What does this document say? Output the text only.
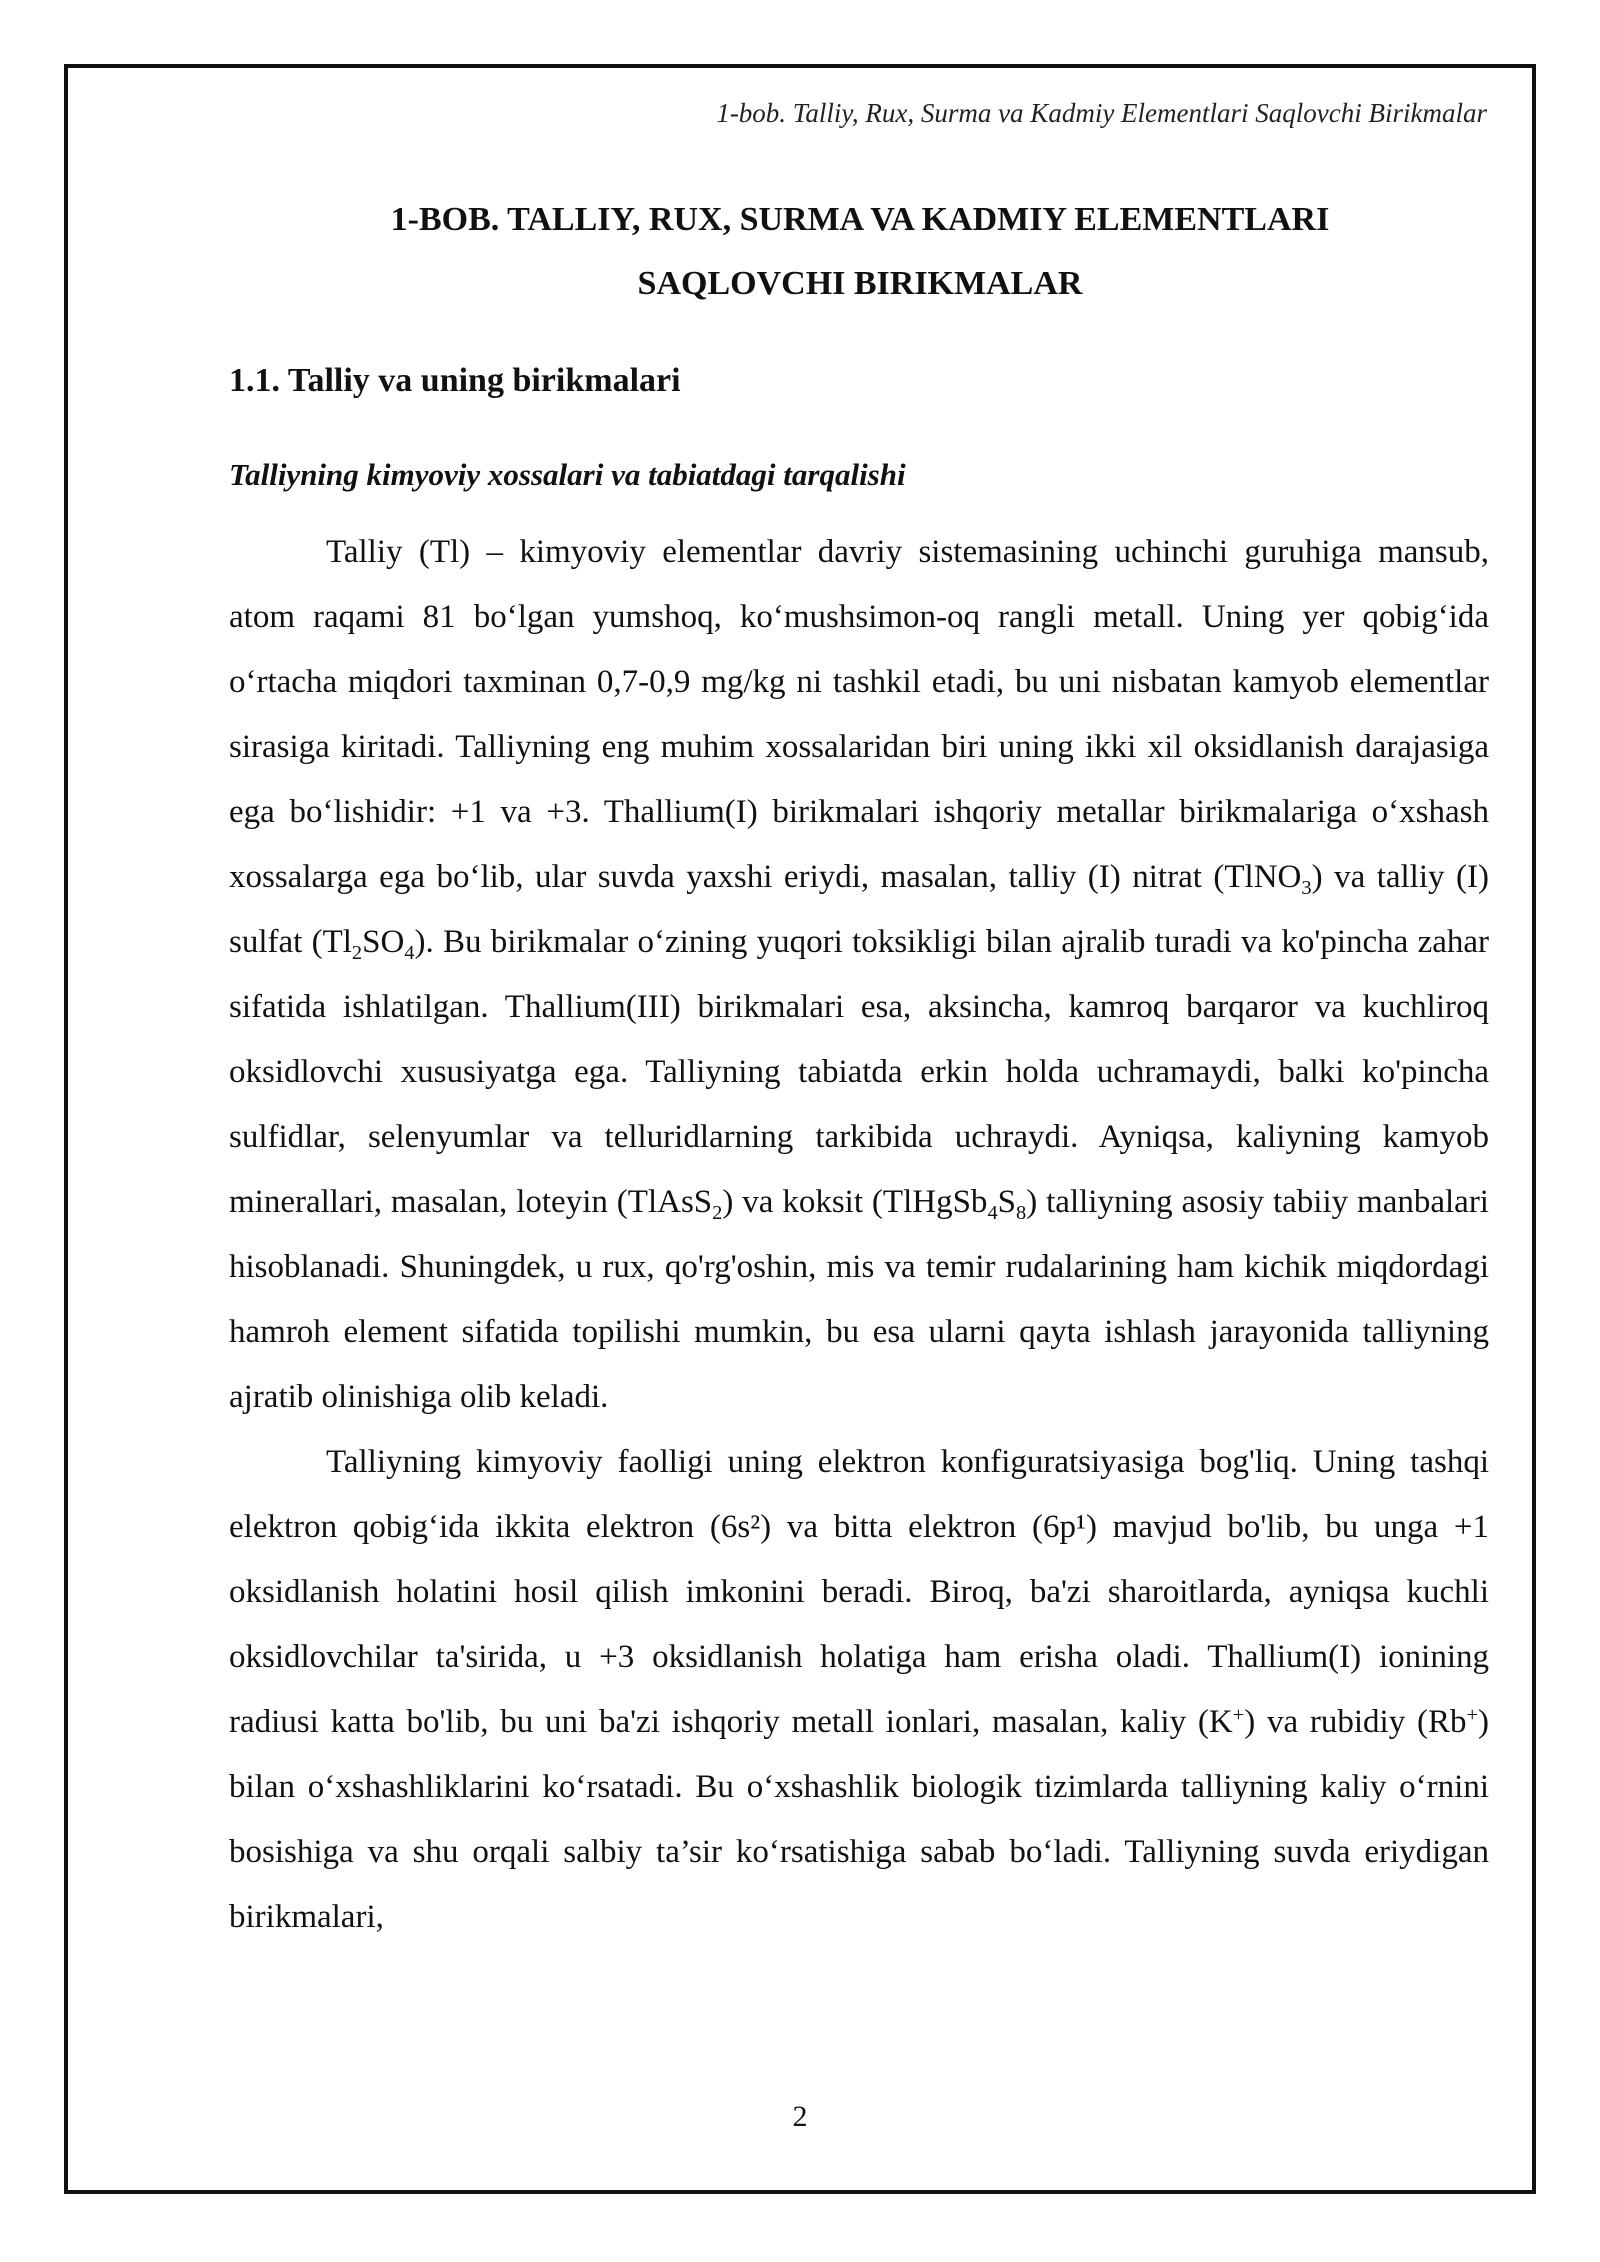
1-bob. Talliy, Rux, Surma va Kadmiy Elementlari Saqlovchi Birikmalar
1-BOB. TALLIY, RUX, SURMA VA KADMIY ELEMENTLARI
SAQLOVCHI BIRIKMALAR
1.1. Talliy va uning birikmalari
Talliyning kimyoviy xossalari va tabiatdagi tarqalishi

Talliy (Tl) – kimyoviy elementlar davriy sistemasining uchinchi guruhiga mansub, atom raqami 81 bo‘lgan yumshoq, ko‘mushsimon-oq rangli metall. Uning yer qobig‘ida o‘rtacha miqdori taxminan 0,7-0,9 mg/kg ni tashkil etadi, bu uni nisbatan kamyob elementlar sirasiga kiritadi. Talliyning eng muhim xossalaridan biri uning ikki xil oksidlanish darajasiga ega bo‘lishidir: +1 va +3. Thallium(I) birikmalari ishqoriy metallar birikmalariga o‘xshash xossalarga ega bo‘lib, ular suvda yaxshi eriydi, masalan, talliy (I) nitrat (TlNO$_3$) va talliy (I) sulfat $(Tl_2SO_4)$. Bu birikmalar o‘zining yuqori toksikligi bilan ajralib turadi va ko'pincha zahar sifatida ishlatilgan. Thallium(III) birikmalari esa, aksincha, kamroq barqaror va kuchliroq oksidlovchi xususiyatga ega. Talliyning tabiatda erkin holda uchramaydi, balki ko'pincha sulfidlar, selenyumlar va telluridlarning tarkibida uchraydi. Ayniqsa, kaliyning kamyob minerallari, masalan, loteyin (TlAsS$_2$) va koksit $(TlHgSb_4S_8)$ talliyning asosiy tabiiy manbalari hisoblanadi. Shuningdek, u rux, qo'rg'oshin, mis va temir rudalarining ham kichik miqdordagi hamroh element sifatida topilishi mumkin, bu esa ularni qayta ishlash jarayonida talliyning ajratib olinishiga olib keladi.

Talliyning kimyoviy faolligi uning elektron konfiguratsiyasiga bog'liq. Uning tashqi elektron qobig‘ida ikkita elektron (6s²) va bitta elektron (6p¹) mavjud bo'lib, bu unga +1 oksidlanish holatini hosil qilish imkonini beradi. Biroq, ba'zi sharoitlarda, ayniqsa kuchli oksidlovchilar ta'sirida, u +3 oksidlanish holatiga ham erisha oladi. Thallium(I) ionining radiusi katta bo'lib, bu uni ba'zi ishqoriy metall ionlari, masalan, kaliy (K+) va rubidiy (Rb+) bilan o‘xshashliklarini ko‘rsatadi. Bu o‘xshashlik biologik tizimlarda talliyning kaliy o‘rnini bosishiga va shu orqali salbiy ta’sir ko‘rsatishiga sabab bo‘ladi. Talliyning suvda eriydigan birikmalari,

2
